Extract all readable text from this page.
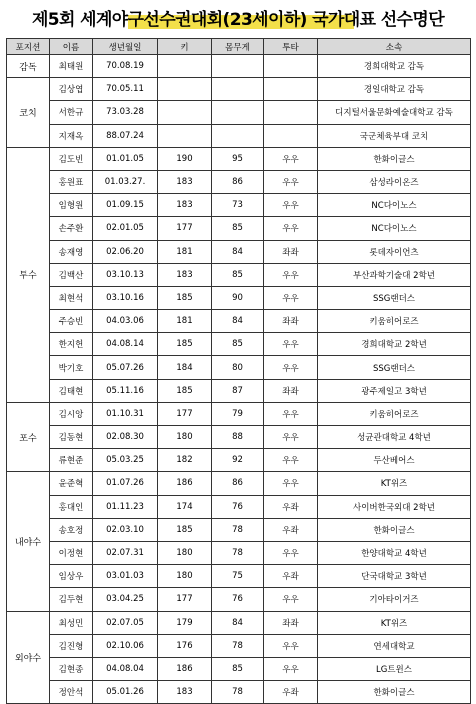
제5회 세계야구선수권대회(23세이하) 국가대표 선수명단
포지션	이름	생년월일	키	몸무게	투타	소속
감독	최태원	70.08.19				경희대학교 감독
코치	김상엽	70.05.11				경일대학교 감독
	서한규	73.03.28				디지털서울문화예술대학교 감독
	지재옥	88.07.24				국군체육부대 코치
투수	김도빈	01.01.05	190	95	우우	한화이글스
	홍원표	01.03.27.	183	86	우우	삼성라이온즈
	임형원	01.09.15	183	73	우우	NC다이노스
	손주환	02.01.05	177	85	우우	NC다이노스
	송재영	02.06.20	181	84	좌좌	롯데자이언츠
	김백산	03.10.13	183	85	우우	부산과학기술대 2학년
	최현석	03.10.16	185	90	우우	SSG랜더스
	주승빈	04.03.06	181	84	좌좌	키움히어로즈
	한지헌	04.08.14	185	85	우우	경희대학교 2학년
	박기호	05.07.26	184	80	우우	SSG랜더스
	김태현	05.11.16	185	87	좌좌	광주제일고 3학년
포수	김시앙	01.10.31	177	79	우우	키움히어로즈
	김동현	02.08.30	180	88	우우	성균관대학교 4학년
	류현준	05.03.25	182	92	우우	두산베어스
내야수	윤준혁	01.07.26	186	86	우우	KT위즈
	홍대인	01.11.23	174	76	우좌	사이버한국외대 2학년
	송호정	02.03.10	185	78	우좌	한화이글스
	이정현	02.07.31	180	78	우우	한양대학교 4학년
	임상우	03.01.03	180	75	우좌	단국대학교 3학년
	김두현	03.04.25	177	76	우우	기아타이거즈
외야수	최성민	02.07.05	179	84	좌좌	KT위즈
	김진형	02.10.06	176	78	우우	연세대학교
	김현종	04.08.04	186	85	우우	LG트윈스
	정안석	05.01.26	183	78	우좌	한화이글스
